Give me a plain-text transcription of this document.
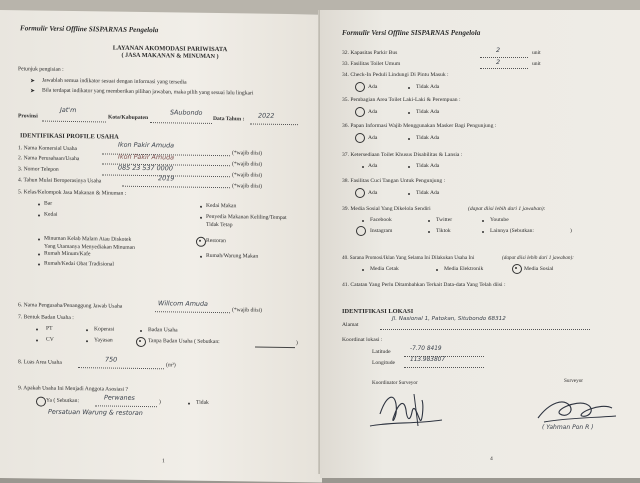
Formulir Versi Offline SISPARNAS Pengelola
LAYANAN AKOMODASI PARIWISATA
( JASA MAKANAN & MINUMAN )
Petunjuk pengisian :
➤ Jawablah semua indikator sesuai dengan informasi yang tersedia
➤ Bila terdapat indikator yang memberikan pilihan jawaban, maka pilih yang sesuai lalu lingkari
Provinsi
Jat'm
Kota/Kabupaten
SAubondo
Data Tahun : 2022
IDENTIFIKASI PROFILE USAHA
1. Nama Komersial Usaha	Ikon Pakir Amuda
(*wajib diisi)
2. Nama Perusahaan/Usaha	Ikon Pakir Amuda
(*wajib diisi)
3. Nomor Telepon	085 23 537 0000
(*wajib diisi)
4. Tahun Mulai Beroperasinya Usaha	2019
(*wajib diisi)
5. Kelas/Kelompok Jasa Makanan & Minuman :
Bar
Kedai
Kedai Makan
Penyedia Makanan Keliling/Tempat
Tidak Tetap
Minuman Kelab Malam Atau Diskotek
Yang Utamanya Menyediakan Minuman
Restoran
Rumah Minum/Kafe	Rumah/Warung Makan
Rumah/Kedai Obat Tradisional
6. Nama Pengusaha/Penanggung Jawab Usaha	Willcom Amuda
(*wajib diisi)
7. Bentuk Badan Usaha :
PT	Koperasi	Badan Usaha
CV	Yayasan	Tanpa Badan Usaha ( Sebutkan:	)
8. Luas Area Usaha	750
(m²)
9. Apakah Usaha Ini Menjadi Anggota Asosiasi ?
Ya ( Sebutkan:	Perwanes
)	Tidak
Persatuan Warung & restoran
1
Formulir Versi Offline SISPARNAS Pengelola
32. Kapasitas Parkir Bus	2	unit
33. Fasilitas Toilet Umum	2	unit
34. Check-In Peduli Lindungi Di Pintu Masuk :
Ada	Tidak Ada
35. Pembagian Area Toilet Laki-Laki & Perempuan :
Ada	Tidak Ada
36. Papan Informasi Wajib Menggunakan Masker Bagi Pengunjung :
Ada	Tidak Ada
37. Ketersediaan Toilet Khusus Disabilitas & Lansia :
Ada	Tidak Ada
38. Fasilitas Cuci Tangan Untuk Pengunjung :
Ada	Tidak Ada
39. Media Sosial Yang Dikelola Sendiri	(dapat diisi lebih dari 1 jawaban):
Facebook	Twitter	Youtube
Instagram	Tiktok	Lainnya (Sebutkan:	)
40. Sarana Promosi/Iklan Yang Selama Ini Dilakukan Usaha Ini	(dapat diisi lebih dari 1 jawaban):
Media Cetak	Media Elektronik	Media Sosial
41. Catatan Yang Perlu Ditambahkan Terkait Data-data Yang Telah diisi :
IDENTIFIKASI LOKASI
Alamat
Jl. Nasional 1, Patokan, Situbondo 68312
Koordinat lokasi :
Latitude	-7.70 8419
Longitude	113.983807
Koordinator Surveyor	Surveyor
( Yahman Pon R )
4
